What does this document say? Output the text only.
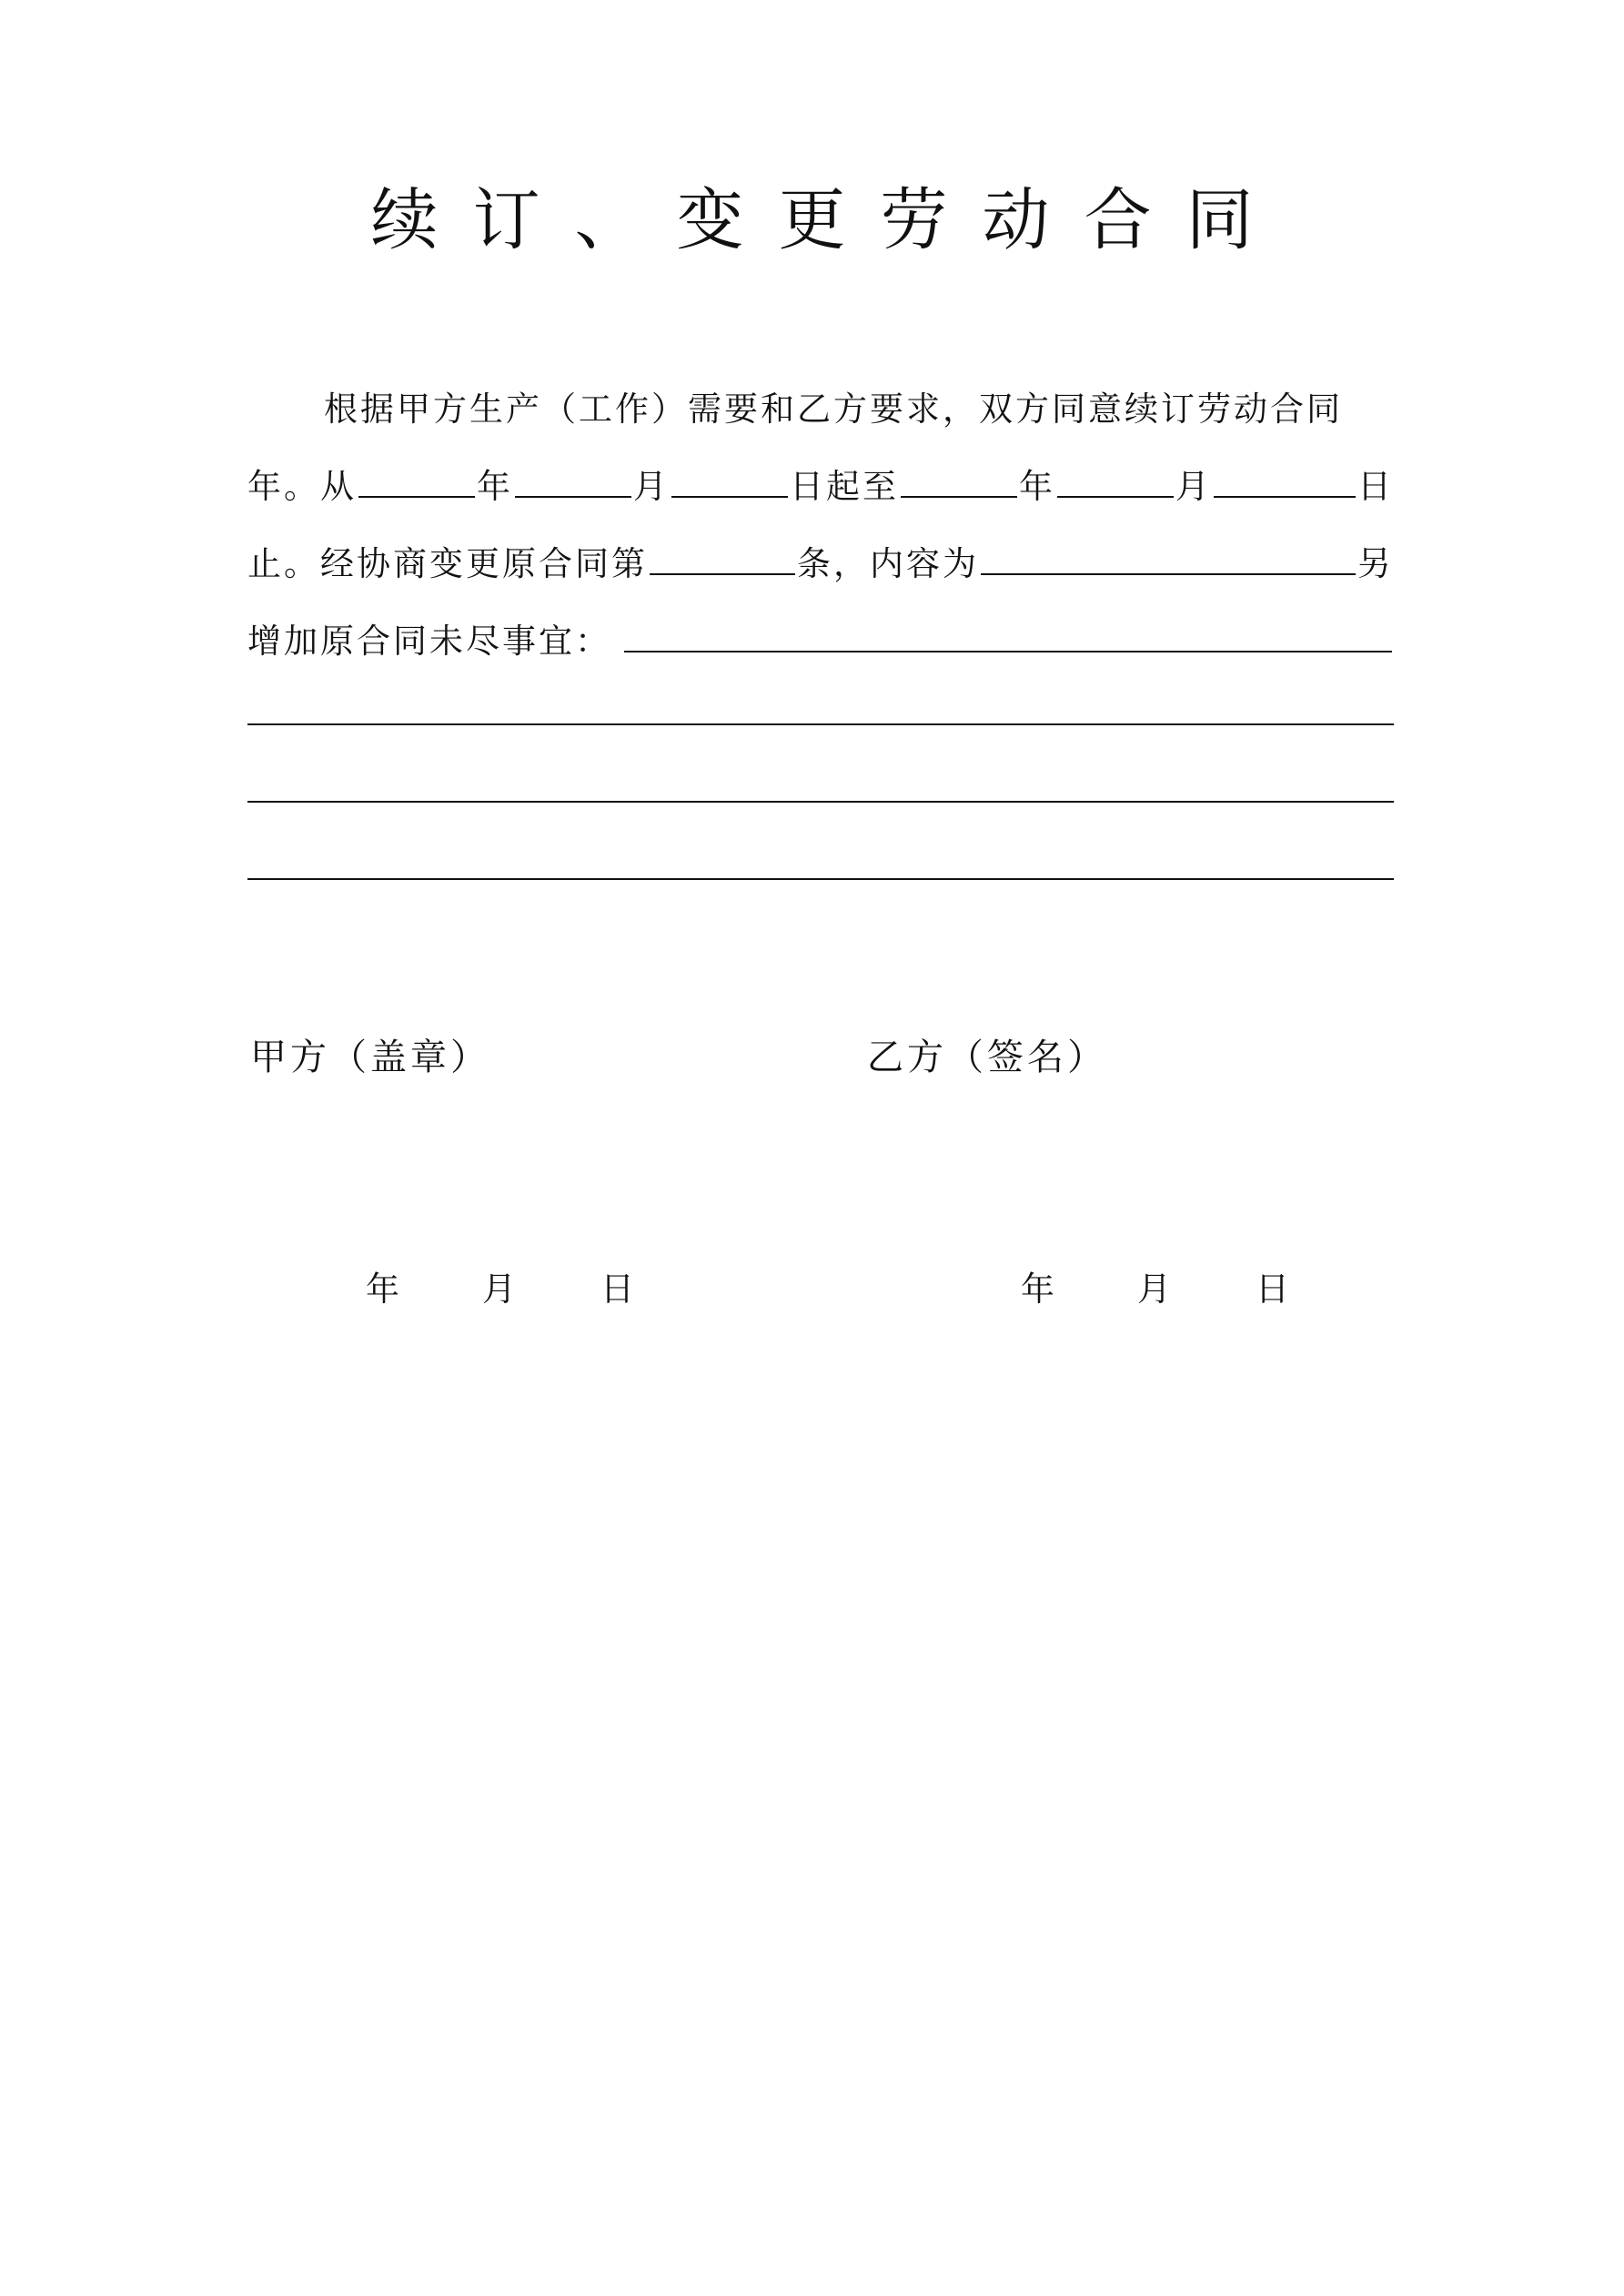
续订、变更劳动合同
根据甲方生产（工作）需要和乙方要求，双方同意续订劳动合同
年。从	年	月	日起至	年	月	日
止。经协商变更原合同第	条，内容为	另
增加原合同未尽事宜：
甲方（盖章）	乙方（签名）
年 月	日	年 月	日
